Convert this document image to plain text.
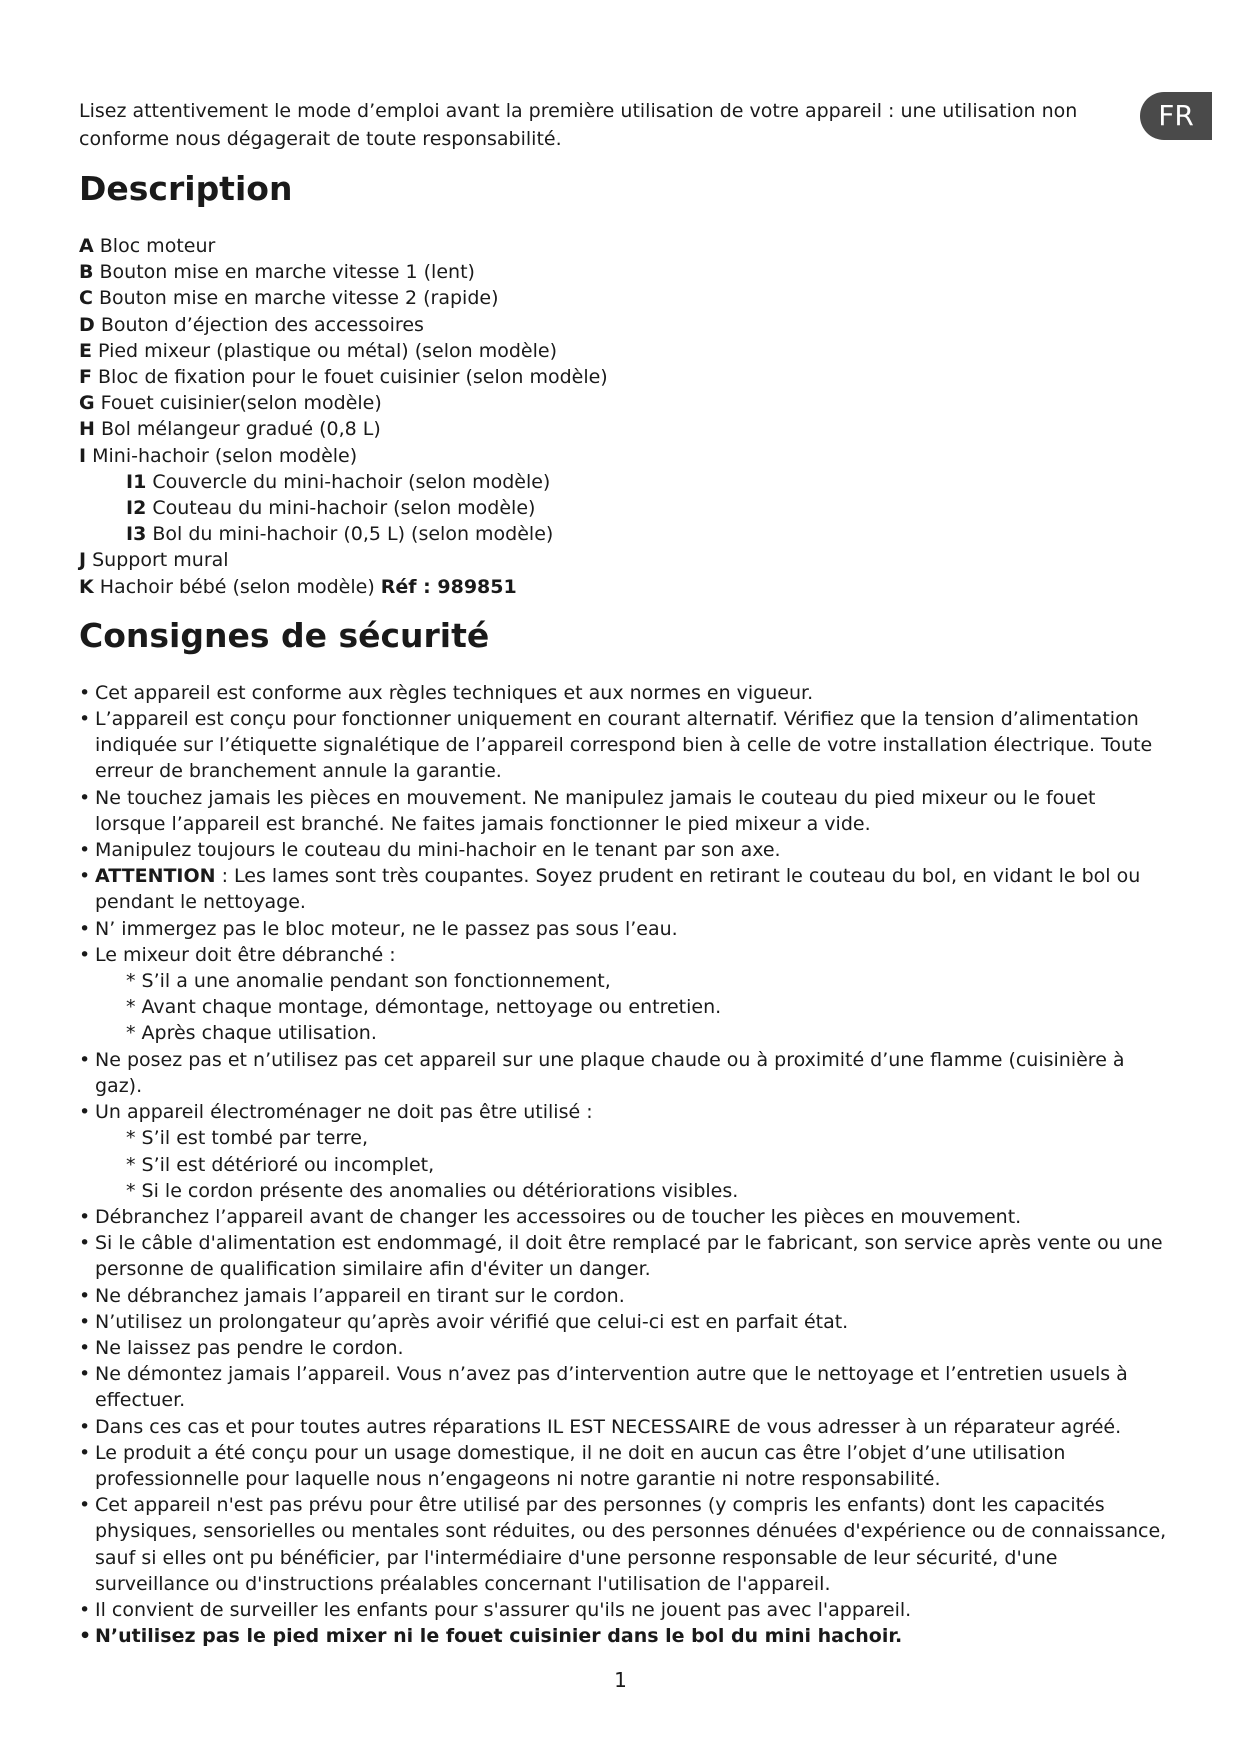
FR

Lisez attentivement le mode d’emploi avant la première utilisation de votre appareil : une utilisation non conforme nous dégagerait de toute responsabilité.

Description
A Bloc moteur
B Bouton mise en marche vitesse 1 (lent)
C Bouton mise en marche vitesse 2 (rapide)
D Bouton d’éjection des accessoires
E Pied mixeur (plastique ou métal) (selon modèle)
F Bloc de fixation pour le fouet cuisinier (selon modèle)
G Fouet cuisinier(selon modèle)
H Bol mélangeur gradué (0,8 L)
I Mini-hachoir (selon modèle)
I1 Couvercle du mini-hachoir (selon modèle)
I2 Couteau du mini-hachoir (selon modèle)
I3 Bol du mini-hachoir (0,5 L) (selon modèle)
J Support mural
K Hachoir bébé (selon modèle) Réf : 989851
Consignes de sécurité
• Cet appareil est conforme aux règles techniques et aux normes en vigueur.
• L’appareil est conçu pour fonctionner uniquement en courant alternatif. Vérifiez que la tension d’alimentation indiquée sur l’étiquette signalétique de l’appareil correspond bien à celle de votre installation électrique. Toute erreur de branchement annule la garantie.
• Ne touchez jamais les pièces en mouvement. Ne manipulez jamais le couteau du pied mixeur ou le fouet lorsque l’appareil est branché. Ne faites jamais fonctionner le pied mixeur a vide.
• Manipulez toujours le couteau du mini-hachoir en le tenant par son axe.
• ATTENTION : Les lames sont très coupantes. Soyez prudent en retirant le couteau du bol, en vidant le bol ou pendant le nettoyage.
• N’ immergez pas le bloc moteur, ne le passez pas sous l’eau.
• Le mixeur doit être débranché :
* S’il a une anomalie pendant son fonctionnement,
* Avant chaque montage, démontage, nettoyage ou entretien.
* Après chaque utilisation.
• Ne posez pas et n’utilisez pas cet appareil sur une plaque chaude ou à proximité d’une flamme (cuisinière à gaz).
• Un appareil électroménager ne doit pas être utilisé :
* S’il est tombé par terre,
* S’il est détérioré ou incomplet,
* Si le cordon présente des anomalies ou détériorations visibles.
• Débranchez l’appareil avant de changer les accessoires ou de toucher les pièces en mouvement.
• Si le câble d'alimentation est endommagé, il doit être remplacé par le fabricant, son service après vente ou une personne de qualification similaire afin d'éviter un danger.
• Ne débranchez jamais l’appareil en tirant sur le cordon.
• N’utilisez un prolongateur qu’après avoir vérifié que celui-ci est en parfait état.
• Ne laissez pas pendre le cordon.
• Ne démontez jamais l’appareil. Vous n’avez pas d’intervention autre que le nettoyage et l’entretien usuels à effectuer.
• Dans ces cas et pour toutes autres réparations IL EST NECESSAIRE de vous adresser à un réparateur agréé.
• Le produit a été conçu pour un usage domestique, il ne doit en aucun cas être l’objet d’une utilisation professionnelle pour laquelle nous n’engageons ni notre garantie ni notre responsabilité.
• Cet appareil n'est pas prévu pour être utilisé par des personnes (y compris les enfants) dont les capacités physiques, sensorielles ou mentales sont réduites, ou des personnes dénuées d'expérience ou de connaissance, sauf si elles ont pu bénéficier, par l'intermédiaire d'une personne responsable de leur sécurité, d'une surveillance ou d'instructions préalables concernant l'utilisation de l'appareil.
• Il convient de surveiller les enfants pour s'assurer qu'ils ne jouent pas avec l'appareil.
• N’utilisez pas le pied mixer ni le fouet cuisinier dans le bol du mini hachoir.
1
